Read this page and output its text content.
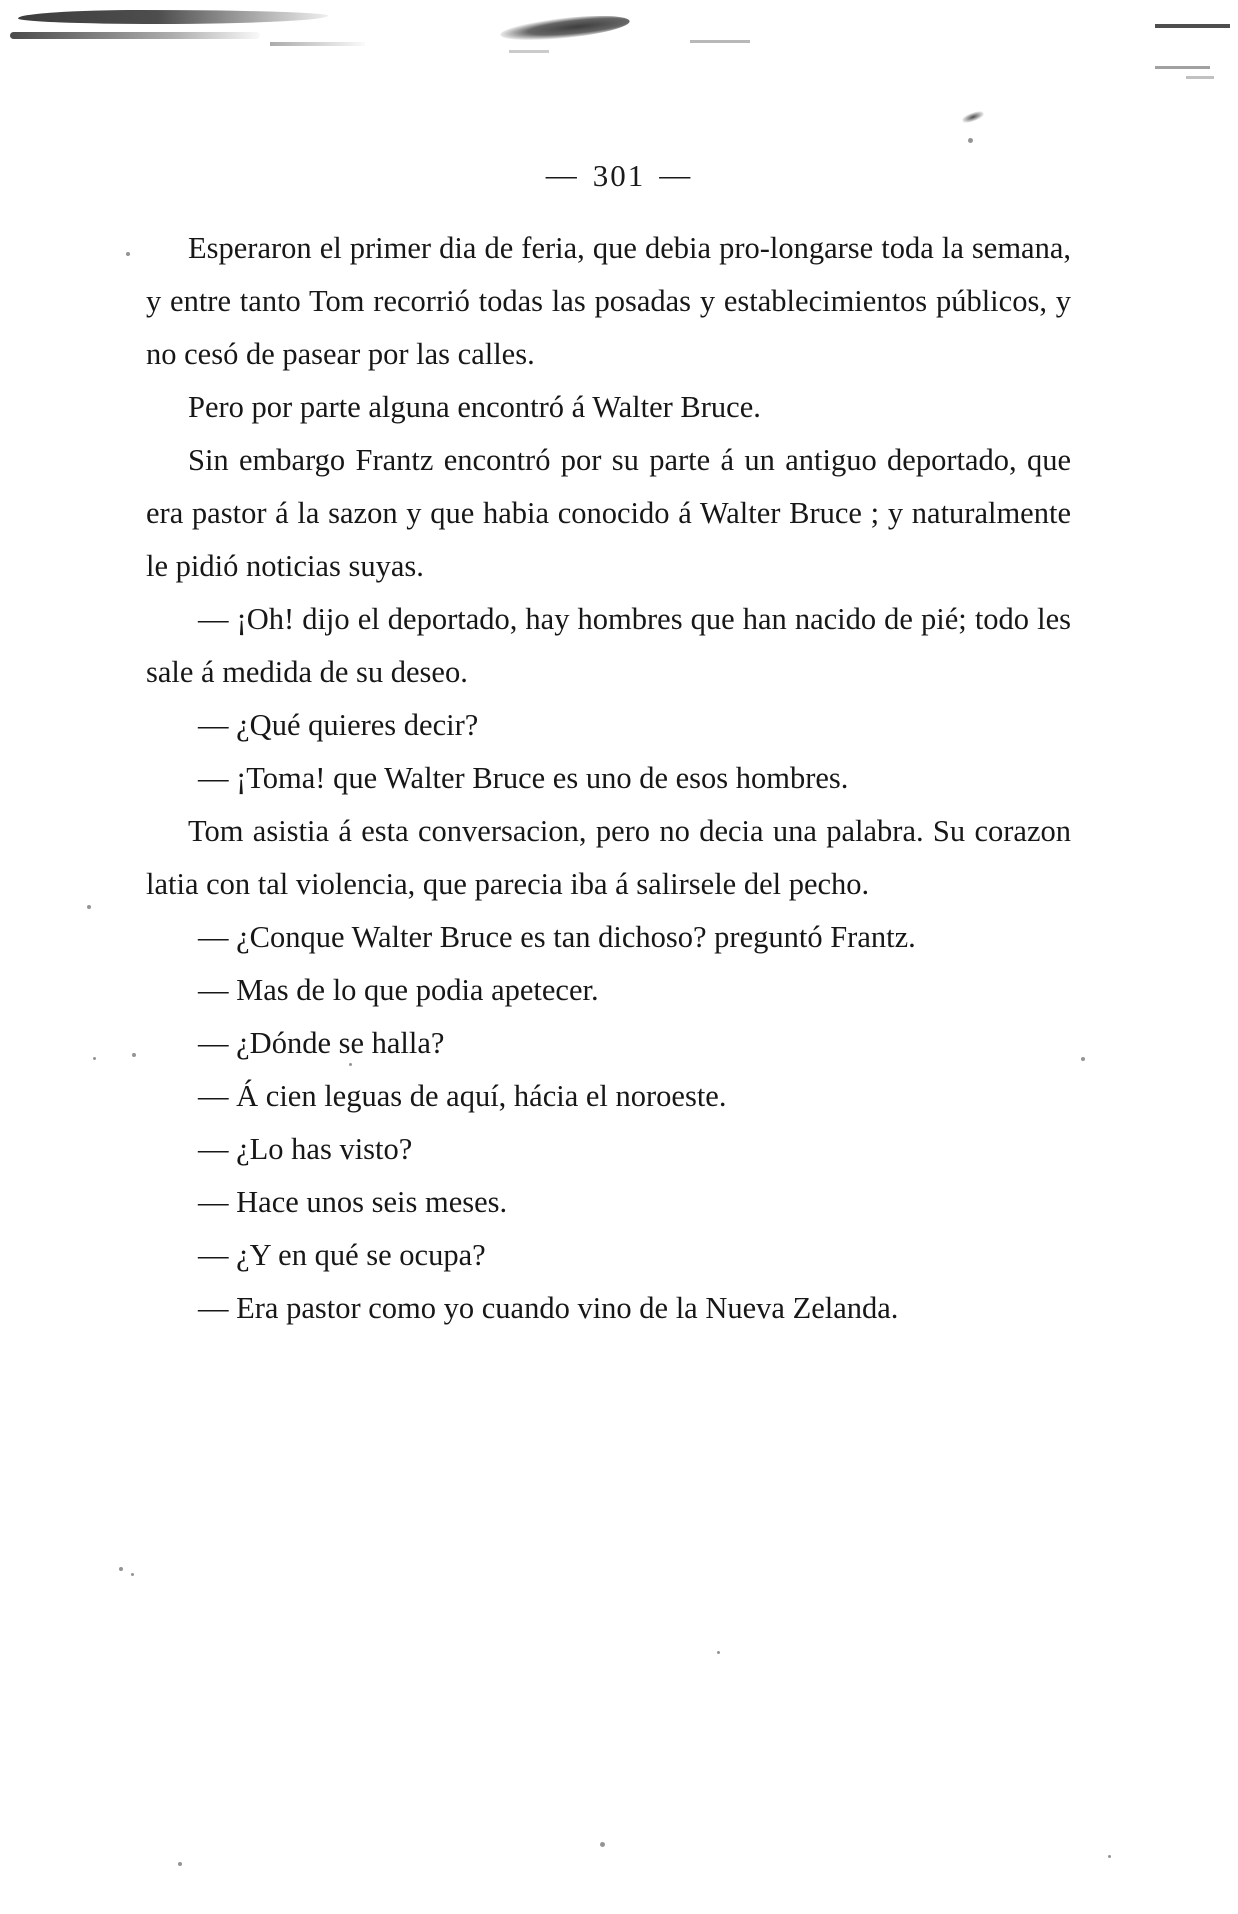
— 301 —

Esperaron el primer dia de feria, que debia pro-longarse toda la semana, y entre tanto Tom recorrió todas las posadas y establecimientos públicos, y no cesó de pasear por las calles.

Pero por parte alguna encontró á Walter Bruce.

Sin embargo Frantz encontró por su parte á un antiguo deportado, que era pastor á la sazon y que habia conocido á Walter Bruce ; y naturalmente le pidió noticias suyas.

— ¡Oh! dijo el deportado, hay hombres que han nacido de pié; todo les sale á medida de su deseo.

— ¿Qué quieres decir?

— ¡Toma! que Walter Bruce es uno de esos hombres.

Tom asistia á esta conversacion, pero no decia una palabra. Su corazon latia con tal violencia, que parecia iba á salirsele del pecho.

— ¿Conque Walter Bruce es tan dichoso? preguntó Frantz.

— Mas de lo que podia apetecer.

— ¿Dónde se halla?

— Á cien leguas de aquí, hácia el noroeste.

— ¿Lo has visto?

— Hace unos seis meses.

— ¿Y en qué se ocupa?

— Era pastor como yo cuando vino de la Nueva Zelanda.
